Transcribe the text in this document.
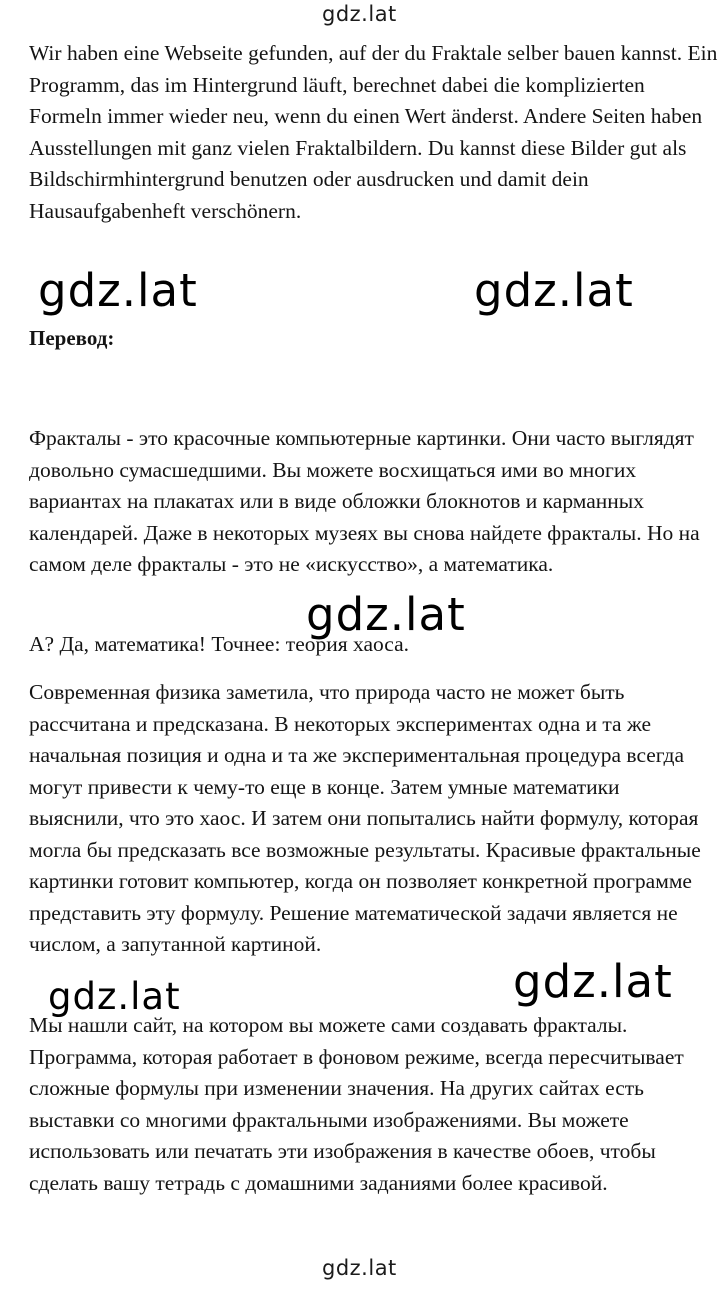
gdz.lat

Wir haben eine Webseite gefunden, auf der du Fraktale selber bauen kannst. Ein Programm, das im Hintergrund läuft, berechnet dabei die komplizierten Formeln immer wieder neu, wenn du einen Wert änderst. Andere Seiten haben Ausstellungen mit ganz vielen Fraktalbildern. Du kannst diese Bilder gut als Bildschirmhintergrund benutzen oder ausdrucken und damit dein Hausaufgabenheft verschönern.

gdz.lat	gdz.lat
Перевод:

Фракталы - это красочные компьютерные картинки. Они часто выглядят довольно сумасшедшими. Вы можете восхищаться ими во многих вариантах на плакатах или в виде обложки блокнотов и карманных календарей. Даже в некоторых музеях вы снова найдете фракталы. Но на самом деле фракталы - это не «искусство», а математика.

А? Да, математика! Точнее: теория хаоса.

Современная физика заметила, что природа часто не может быть рассчитана и предсказана. В некоторых экспериментах одна и та же начальная позиция и одна и та же экспериментальная процедура всегда могут привести к чему-то еще в конце. Затем умные математики выяснили, что это хаос. И затем они попытались найти формулу, которая могла бы предсказать все возможные результаты. Красивые фрактальные картинки готовит компьютер, когда он позволяет конкретной программе представить эту формулу. Решение математической задачи является не числом, а запутанной картиной.

Мы нашли сайт, на котором вы можете сами создавать фракталы. Программа, которая работает в фоновом режиме, всегда пересчитывает сложные формулы при изменении значения. На других сайтах есть выставки со многими фрактальными изображениями. Вы можете использовать или печатать эти изображения в качестве обоев, чтобы сделать вашу тетрадь с домашними заданиями более красивой.

gdz.lat
gdz.lat
gdz.lat
gdz.lat
